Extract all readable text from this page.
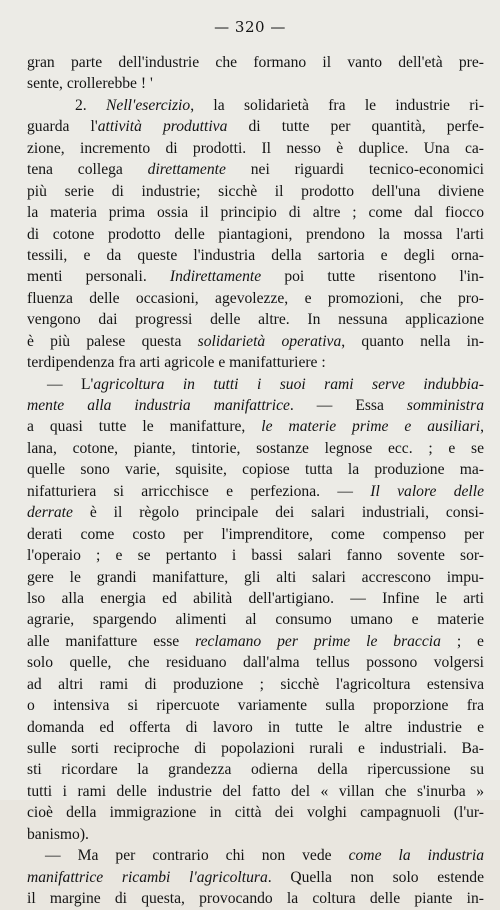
— 320 —
gran parte dell'industrie che formano il vanto dell'età pre-
sente, crollerebbe ! '
2. Nell'esercizio, la solidarietà fra le industrie ri-
guarda l'attività produttiva di tutte per quantità, perfe-
zione, incremento di prodotti. Il nesso è duplice. Una ca-
tena collega direttamente nei riguardi tecnico-economici
più serie di industrie; sicchè il prodotto dell'una diviene
la materia prima ossia il principio di altre ; come dal fiocco
di cotone prodotto delle piantagioni, prendono la mossa l'arti
tessili, e da queste l'industria della sartoria e degli orna-
menti personali. Indirettamente poi tutte risentono l'in-
fluenza delle occasioni, agevolezze, e promozioni, che pro-
vengono dai progressi delle altre. In nessuna applicazione
è più palese questa solidarietà operativa, quanto nella in-
terdipendenza fra arti agricole e manifatturiere :
— L'agricoltura in tutti i suoi rami serve indubbia-
mente alla industria manifattrice. — Essa somministra
a quasi tutte le manifatture, le materie prime e ausiliari,
lana, cotone, piante, tintorie, sostanze legnose ecc. ; e se
quelle sono varie, squisite, copiose tutta la produzione ma-
nifatturiera si arricchisce e perfeziona. — Il valore delle
derrate è il règolo principale dei salari industriali, consi-
derati come costo per l'imprenditore, come compenso per
l'operaio ; e se pertanto i bassi salari fanno sovente sor-
gere le grandi manifatture, gli alti salari accrescono impu-
lso alla energia ed abilità dell'artigiano. — Infine le arti
agrarie, spargendo alimenti al consumo umano e materie
alle manifatture esse reclamano per prime le braccia ; e
solo quelle, che residuano dall'alma tellus possono volgersi
ad altri rami di produzione ; sicchè l'agricoltura estensiva
o intensiva si ripercuote variamente sulla proporzione fra
domanda ed offerta di lavoro in tutte le altre industrie e
sulle sorti reciproche di popolazioni rurali e industriali. Ba-
sti ricordare la grandezza odierna della ripercussione su
tutti i rami delle industrie del fatto del « villan che s'inurba »
cioè della immigrazione in città dei volghi campagnuoli (l'ur-
banismo).
— Ma per contrario chi non vede come la industria
manifattrice ricambi l'agricoltura. Quella non solo estende
il margine di questa, provocando la coltura delle piante in-
